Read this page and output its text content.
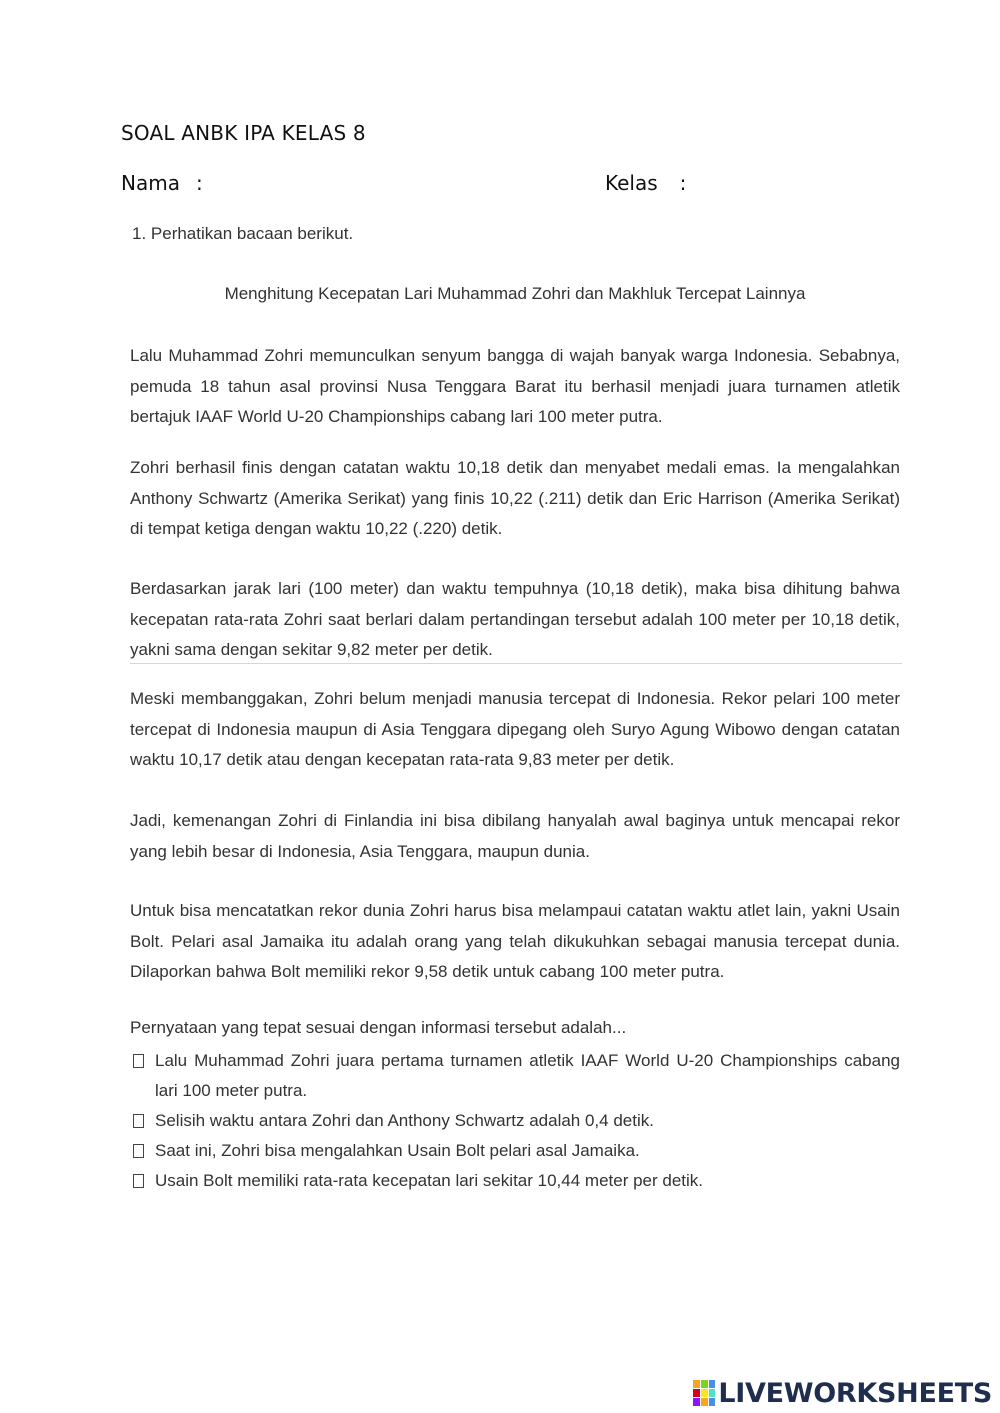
SOAL ANBK IPA KELAS 8
Nama :	Kelas :
1. Perhatikan bacaan berikut.
Menghitung Kecepatan Lari Muhammad Zohri dan Makhluk Tercepat Lainnya

Lalu Muhammad Zohri memunculkan senyum bangga di wajah banyak warga Indonesia. Sebabnya, pemuda 18 tahun asal provinsi Nusa Tenggara Barat itu berhasil menjadi juara turnamen atletik bertajuk IAAF World U-20 Championships cabang lari 100 meter putra.

Zohri berhasil finis dengan catatan waktu 10,18 detik dan menyabet medali emas. Ia mengalahkan Anthony Schwartz (Amerika Serikat) yang finis 10,22 (.211) detik dan Eric Harrison (Amerika Serikat) di tempat ketiga dengan waktu 10,22 (.220) detik.

Berdasarkan jarak lari (100 meter) dan waktu tempuhnya (10,18 detik), maka bisa dihitung bahwa kecepatan rata-rata Zohri saat berlari dalam pertandingan tersebut adalah 100 meter per 10,18 detik, yakni sama dengan sekitar 9,82 meter per detik.

Meski membanggakan, Zohri belum menjadi manusia tercepat di Indonesia. Rekor pelari 100 meter tercepat di Indonesia maupun di Asia Tenggara dipegang oleh Suryo Agung Wibowo dengan catatan waktu 10,17 detik atau dengan kecepatan rata-rata 9,83 meter per detik.

Jadi, kemenangan Zohri di Finlandia ini bisa dibilang hanyalah awal baginya untuk mencapai rekor yang lebih besar di Indonesia, Asia Tenggara, maupun dunia.

Untuk bisa mencatatkan rekor dunia Zohri harus bisa melampaui catatan waktu atlet lain, yakni Usain Bolt. Pelari asal Jamaika itu adalah orang yang telah dikukuhkan sebagai manusia tercepat dunia. Dilaporkan bahwa Bolt memiliki rekor 9,58 detik untuk cabang 100 meter putra.

Pernyataan yang tepat sesuai dengan informasi tersebut adalah...
Lalu Muhammad Zohri juara pertama turnamen atletik IAAF World U-20 Championships cabang lari 100 meter putra.
Selisih waktu antara Zohri dan Anthony Schwartz adalah 0,4 detik.
Saat ini, Zohri bisa mengalahkan Usain Bolt pelari asal Jamaika.
Usain Bolt memiliki rata-rata kecepatan lari sekitar 10,44 meter per detik.
LIVEWORKSHEETS
